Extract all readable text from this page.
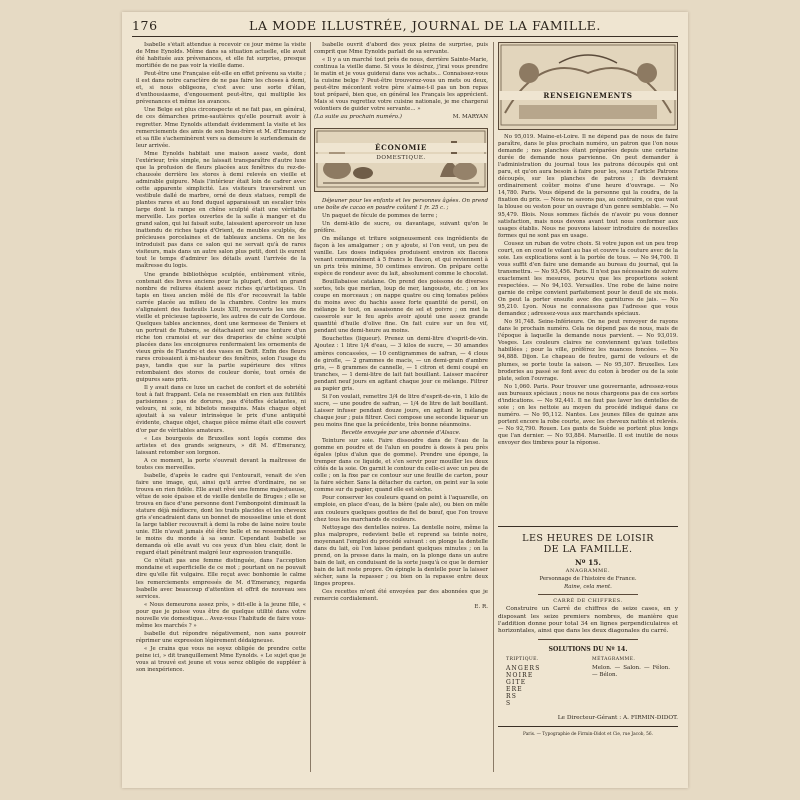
176	LA MODE ILLUSTRÉE, JOURNAL DE LA FAMILLE.

Isabelle s'était attendue à recevoir ce jour même la visite de Mme Eynolds. Même dans sa situation actuelle, elle avait été habituée aux prévenances, et elle fut surprise, presque mortifiée de ne pas voir la vieille dame.

Peut-être une Française eût-elle en effet prévenu sa visite ; il est dans notre caractère de ne pas faire les choses à demi, et, si nous obligeons, c'est avec une sorte d'élan, d'enthousiasme, d'engouement peut-être, qui multiplie les prévenances et même les avances.

Une Belge est plus circonspecte et ne fait pas, en général, de ces démarches prime-sautières qu'elle pourrait avoir à regretter. Mme Eynolds attendait évidemment la visite et les remerciements des amis de son beau-frère et M. d'Emerancy et sa fille s'acheminèrent vers sa demeure le surlendemain de leur arrivée.

Mme Eynolds habitait une maison assez vaste, dont l'extérieur, très simple, ne laissait transparaître d'autre luxe que la profusion de fleurs placées aux fenêtres du rez-de-chaussée derrière les stores à demi relevés en vieille et admirable guipure. Mais l'intérieur était loin de cadrer avec cette apparente simplicité. Les visiteurs traversèrent un vestibule dallé de marbre, orné de deux statues, rempli de plantes rares et au fond duquel apparaissait un escalier très large dont la rampe en chêne sculpté était une véritable merveille. Les portes ouvertes de la salle à manger et du grand salon, qui lui faisait suite, laissaient apercevoir un luxe inattendu de riches tapis d'Orient, de meubles sculptés, de précieuses porcelaines et de tableaux anciens. On ne les introduisit pas dans ce salon qui ne servait qu'à de rares visiteurs, mais dans un autre salon plus petit, dont ils eurent tout le temps d'admirer les détails avant l'arrivée de la maîtresse du logis.

Une grande bibliothèque sculptée, entièrement vitrée, contenait des livres anciens pour la plupart, dont un grand nombre de reliures étaient assez riches qu'artistiques. Un tapis en tissu ancien môlé de fils d'or recouvrait la table carrée placée au milieu de la chambre. Contre les murs s'alignaient des fauteuils Louis XIII, recouverts les uns de vieille et précieuse tapisserie, les autres de cuir de Cordoue. Quelques tables anciennes, dont une kermesse de Teniers et un portrait de Rubens, se détachaient sur une tenture d'un riche ton cramoisi et sur des draperies de chêne sculpté placées dans les encoignures renfermaient les ornements de vieux grès de Flandre et des vases en Delft. Enfin des fleurs rares croissaient à mi-hauteur des fenêtres, selon l'usage du pays, tandis que sur la partie supérieure des vitres retombaient des stores de couleur dorée, tout ornés de guipures sans prix.

Il y avait dans ce luxe un cachet de confort et de sobriété tout à fait frappant. Cela ne ressemblait en rien aux futilités parisiennes ; pas de dorures, pas d'étoffes éclatantes, ni velours, ni soie, ni bibelots mesquins. Mais chaque objet ajoutait à sa valeur intrinsèque le prix d'une antiquité évidente, chaque objet, chaque pièce même était elle couvert d'or par de véritables amateurs.

« Les bourgeois de Bruxelles sont logés comme des artistes et des grands seigneurs, » dit M. d'Emerancy, laissant retomber son lorgnon.

A ce moment, la porte s'ouvrait devant la maîtresse de toutes ces merveilles.

Isabelle, d'après le cadre qui l'entourait, venait de s'en faire une image, qui, ainsi qu'il arrive d'ordinaire, ne se trouva en rien fidèle. Elle avait rêvé une femme majestueuse, vêtue de soie épaisse et de vieille dentelle de Bruges ; elle se trouva en face d'une personne dont l'embonpoint diminuait la stature déjà médiocre, dont les traits placides et les cheveux gris s'encadraient dans un bonnet de mousseline unie et dont la large tablier recouvrait à demi la robe de laine noire toute unie. Elle n'avait jamais été être belle et ne ressemblait pas le moins du monde à sa sœur. Cependant Isabelle se demanda où elle avait vu ces yeux d'un bleu clair, dont le regard était pénétrant malgré leur expression tranquille.

Ce n'était pas une femme distinguée, dans l'acception mondaine et superficielle de ce mot ; pourtant on ne pouvait dire qu'elle fût vulgaire. Elle reçut avec bonhomie le calme les remerciements empressés de M. d'Emerancy, regarda Isabelle avec beaucoup d'attention et offrit de nouveau ses services.

« Nous demeurons assez près, » dit-elle à la jeune fille, « pour que je puisse vous être de quelque utilité dans votre nouvelle vie domestique... Avez-vous l'habitude de faire vous-même les marchés ? »

Isabelle dut répondre négativement, non sans pouvoir réprimer une expression légèrement dédaigneuse.

« Je crains que vous ne soyez obligée de prendre cette peine ici, » dit tranquillement Mme Eynolds. « Le sujet que je vous ai trouvé est jeune et vous serez obligée de suppléer à son inexpérience.

Isabelle ouvrit d'abord des yeux pleins de surprise, puis comprit que Mme Eynolds parlait de sa servante.

« Il y a un marché tout près de nous, derrière Sainte-Marie, continua la vieille dame. Si vous le désirez, j'irai vous prendre le matin et je vous guiderai dans vos achats... Connaissez-vous la cuisine belge ? Peut-être trouverez-vous un mets ou deux, peut-être mécontent votre père s'aime-t-il pas un bon repas tout préparé, bien que, en général les Français les apprécient. Mais si vous regrettez votre cuisine nationale, je me chargerai volontiers de guider votre servante... »

(La suite au prochain numéro.)	M. MARYAN
ÉCONOMIE
DOMESTIQUE.

Déjeuner pour les enfants et les personnes âgées. On prend une boîte de cacao en poudre coûtant 1 fr. 25 c. ;

Un paquet de fécule de pommes de terre ;

Un demi-kilo de sucre, ou davantage, suivant qu'on le préfère.

On mélange et triture soigneusement ces ingrédients de façon à les amalgamer ; on y ajoute, si l'on veut, un peu de vanille. Les doses indiquées produisent environ six flacons venant communément à 5 francs le flacon, et qui reviennent à un prix très minime, 50 centimes environ. On prépare cette espèce de rondeur avec du lait, absolument comme le chocolat.

Bouillabaisse catalane. On prend des poissons de diverses sortes, tels que merlan, loup de mer, langouste, etc. ; on les coupe en morceaux ; on nappe quatre ou cinq tomates pelées du moins avec du hachis assez forte quantité de persil, on mélange le tout, on assaisonne de sel et poivre ; on met la casserole sur le feu après avoir ajouté une assez grande quantité d'huile d'olive fine. On fait cuire sur un feu vif, pendant une demi-heure au moins.

Bouchettes (liqueur). Prenez un demi-litre d'esprit-de-vin. Ajoutez : 1 litre 1/4 d'eau, — 3 kilos de sucre, — 30 amandes amères concassées, — 10 centigrammes de safran, — 4 clous de girofle, — 2 grammes de macis, — un demi-grain d'ambre gris, — 8 grammes de cannelle, — 1 citron et demi coupé en tranches, — 1 demi-litre de lait fait bouillant. Laisser macérer pendant neuf jours en agitant chaque jour ce mélange. Filtrer au papier gris.

Si l'on voulait, remettre 3/4 de litre d'esprit-de-vin, 1 kilo de sucre, — une poudre de safran, — 1/4 de litre de lait bouillant. Laisser infuser pendant douze jours, en agitant le mélange chaque jour ; puis filtrer. Ceci compose une seconde liqueur un peu moins fine que la précédente, très bonne néanmoins.

Recette envoyée par une abonnée d'Alsace.

Teinture sur soie. Faire dissoudre dans de l'eau de la gomme en poudre et de l'alun en poudre à doses à peu près égales (plus d'alun que de gomme). Prendre une éponge, la tremper dans ce liquide, et s'en servir pour mouiller les deux côtés de la soie. On garnit le contour du celle-ci avec un peu de colle ; on la fixe par ce contour sur une feuille de carton, pour la faire sécher. Sans la détacher du carton, on peint sur la soie comme sur du papier, quand elle est sèche.

Pour conserver les couleurs quand on peint à l'aquarelle, on emploie, en place d'eau, de la bière (pale ale), ou bien on mêle aux couleurs quelques gouttes de fiel de bœuf, que l'on trouve chez tous les marchands de couleurs.

Nettoyage des dentelles noires. La dentelle noire, même la plus malpropre, redevient belle et reprend sa teinte noire, moyennant l'emploi du procédé suivant : on plonge la dentelle dans du lait, où l'on laisse pendant quelques minutes ; on la prend, on la presse dans la main, on la plonge dans un autre bain de lait, en conduisant de la sorte jusqu'à ce que le dernier bain de lait reste propre. On épingle la dentelle pour la laisser sécher, sans la repasser ; ou bien on la repasse entre deux linges propres.

Ces recettes m'ont été envoyées par des abonnées que je remercie cordialement.

E. R.
RENSEIGNEMENTS

No 95,019. Maine-et-Loire. Il ne dépend pas de nous de faire paraître, dans le plus prochain numéro, un patron que l'on nous demande ; nos planches étant préparées depuis une certaine durée de demande nous parvienne. On peut demander à l'administration du journal tous les patrons découpés qui ont paru, et qu'on aura besoin à faire pour les, sous l'article Patrons découpés, sur les planches de patrons ; ils devraient ordinairement coûter moins d'une heure d'ouvrage. — No 14,780. Paris. Vous dépend de la personne qui la coudra, de la fixation du prix. — Nous ne savons pas, au contraire, ce que vaut la blouse ou veston pour un ouvrage d'un genre semblable. — No 95,479. Blois. Nous sommes fâchés de n'avoir pu vous donner satisfaction, mais nous devons avant tout nous conformer aux usages établis. Nous ne pouvons laisser introduire de nouvelles formes qui ne sont pas en usage.

Cousez un ruban de votre choix. Si votre jupon est un peu trop court, on en coud le volant au bas et couvre la couture avec de la soie. Les explications sont à la portée de tous. — No 94,700. Il vous suffit d'en faire une demande au bureau du journal, qui la transmettra. — No 93,456. Paris. Il n'est pas nécessaire de suivre exactement les mesures, pourvu que les proportions soient respectées. — No 94,103. Versailles. Une robe de laine noire garnie de crêpe convient parfaitement pour le deuil de six mois. On peut la porter ensuite avec des garnitures de jais. — No 95,210. Lyon. Nous ne connaissons pas l'adresse que vous demandez ; adressez-vous aux marchands spéciaux.

No 91,748. Seine-Inférieure. On ne peut renvoyer de rayons dans le prochain numéro. Cela ne dépend pas de nous, mais de l'époque à laquelle la demande nous parvient. — No 93,019. Vosges. Les couleurs claires ne conviennent qu'aux toilettes habillées ; pour la ville, préférez les nuances foncées. — No 94,888. Dijon. Le chapeau de feutre, garni de velours et de plumes, se porte toute la saison. — No 95,307. Bruxelles. Les broderies au passé se font avec du coton à broder ou de la soie plate, selon l'ouvrage.

No 1,060. Paris. Pour trouver une gouvernante, adressez-vous aux bureaux spéciaux ; nous ne nous chargeons pas de ces sortes d'indications. — No 92,441. Il ne faut pas laver les dentelles de soie ; on les nettoie au moyen du procédé indiqué dans ce numéro. — No 95,112. Nantes. Les jeunes filles de quinze ans portent encore la robe courte, avec les cheveux nattés et relevés. — No 92,790. Rouen. Les gants de Suède se portent plus longs que l'an dernier. — No 93,884. Marseille. Il est inutile de nous envoyer des timbres pour la réponse.

LES HEURES DE LOISIR
DE LA FAMILLE.
Nº 15.
ANAGRAMME.

Personnage de l'histoire de France.

Raine, cela ment.

CARRÉ DE CHIFFRES.

Construire un Carré de chiffres de seize cases, en y disposant les seize premiers nombres, de manière que l'addition donne pour total 34 en lignes perpendiculaires et horizontales, ainsi que dans les deux diagonales du carré.

SOLUTIONS DU Nº 14.
TRIPTIQUE.
ANGERS
NOIRE
GITE
ERE
RS
S
MÉTAGRAMME.
Melon. — Salon. — Félon. — Bélon.
Le Directeur-Gérant : A. FIRMIN-DIDOT.
Paris. — Typographie de Firmin-Didot et Cie, rue Jacob, 56.
